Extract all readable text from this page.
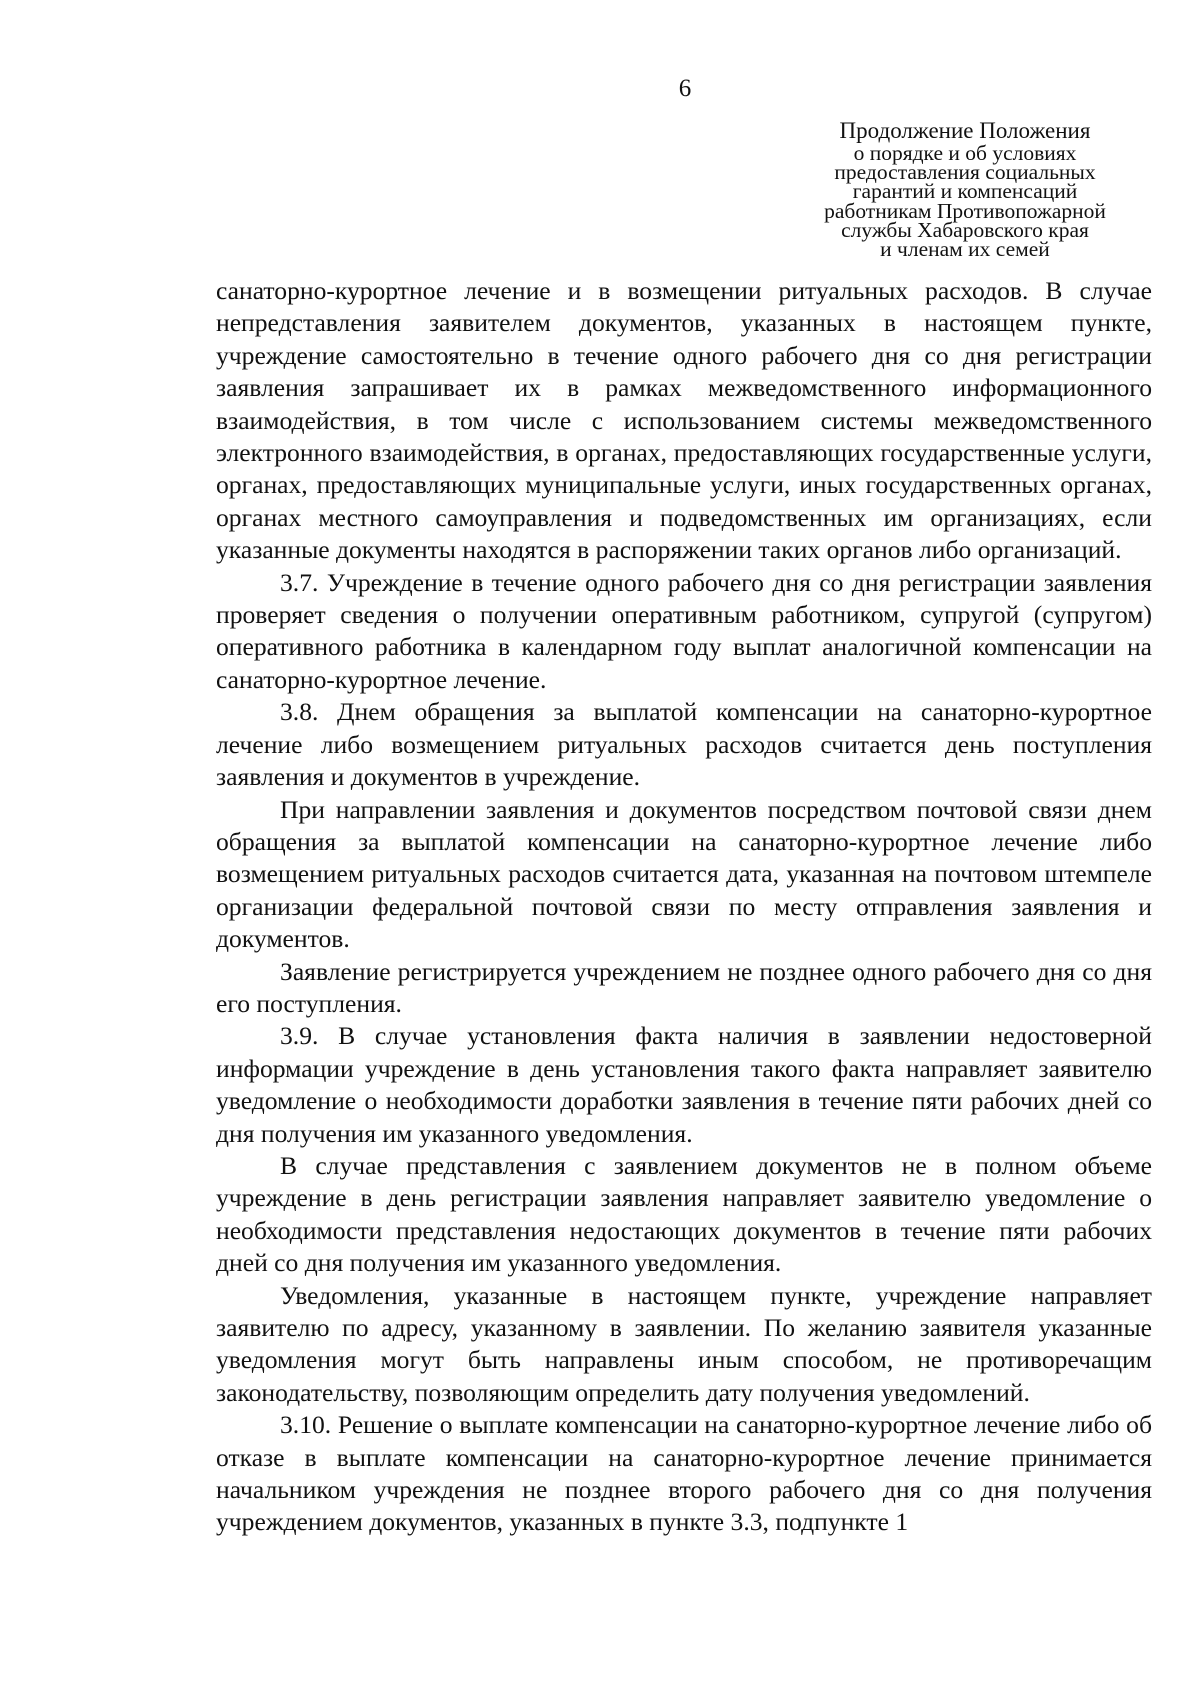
6
Продолжение Положения
о порядке и об условиях
предоставления социальных
гарантий и компенсаций
работникам Противопожарной
службы Хабаровского края
и членам их семей

санаторно-курортное лечение и в возмещении ритуальных расходов. В случае непредставления заявителем документов, указанных в настоящем пункте, учреждение самостоятельно в течение одного рабочего дня со дня регистрации заявления запрашивает их в рамках межведомственного информационного взаимодействия, в том числе с использованием системы межведомственного электронного взаимодействия, в органах, предоставляющих государственные услуги, органах, предоставляющих муниципальные услуги, иных государственных органах, органах местного самоуправления и подведомственных им организациях, если указанные документы находятся в распоряжении таких органов либо организаций.

3.7. Учреждение в течение одного рабочего дня со дня регистрации заявления проверяет сведения о получении оперативным работником, супругой (супругом) оперативного работника в календарном году выплат аналогичной компенсации на санаторно-курортное лечение.

3.8. Днем обращения за выплатой компенсации на санаторно-курортное лечение либо возмещением ритуальных расходов считается день поступления заявления и документов в учреждение.

При направлении заявления и документов посредством почтовой связи днем обращения за выплатой компенсации на санаторно-курортное лечение либо возмещением ритуальных расходов считается дата, указанная на почтовом штемпеле организации федеральной почтовой связи по месту отправления заявления и документов.

Заявление регистрируется учреждением не позднее одного рабочего дня со дня его поступления.

3.9. В случае установления факта наличия в заявлении недостоверной информации учреждение в день установления такого факта направляет заявителю уведомление о необходимости доработки заявления в течение пяти рабочих дней со дня получения им указанного уведомления.

В случае представления с заявлением документов не в полном объеме учреждение в день регистрации заявления направляет заявителю уведомление о необходимости представления недостающих документов в течение пяти рабочих дней со дня получения им указанного уведомления.

Уведомления, указанные в настоящем пункте, учреждение направляет заявителю по адресу, указанному в заявлении. По желанию заявителя указанные уведомления могут быть направлены иным способом, не противоречащим законодательству, позволяющим определить дату получения уведомлений.

3.10. Решение о выплате компенсации на санаторно-курортное лечение либо об отказе в выплате компенсации на санаторно-курортное лечение принимается начальником учреждения не позднее второго рабочего дня со дня получения учреждением документов, указанных в пункте 3.3, подпункте 1
